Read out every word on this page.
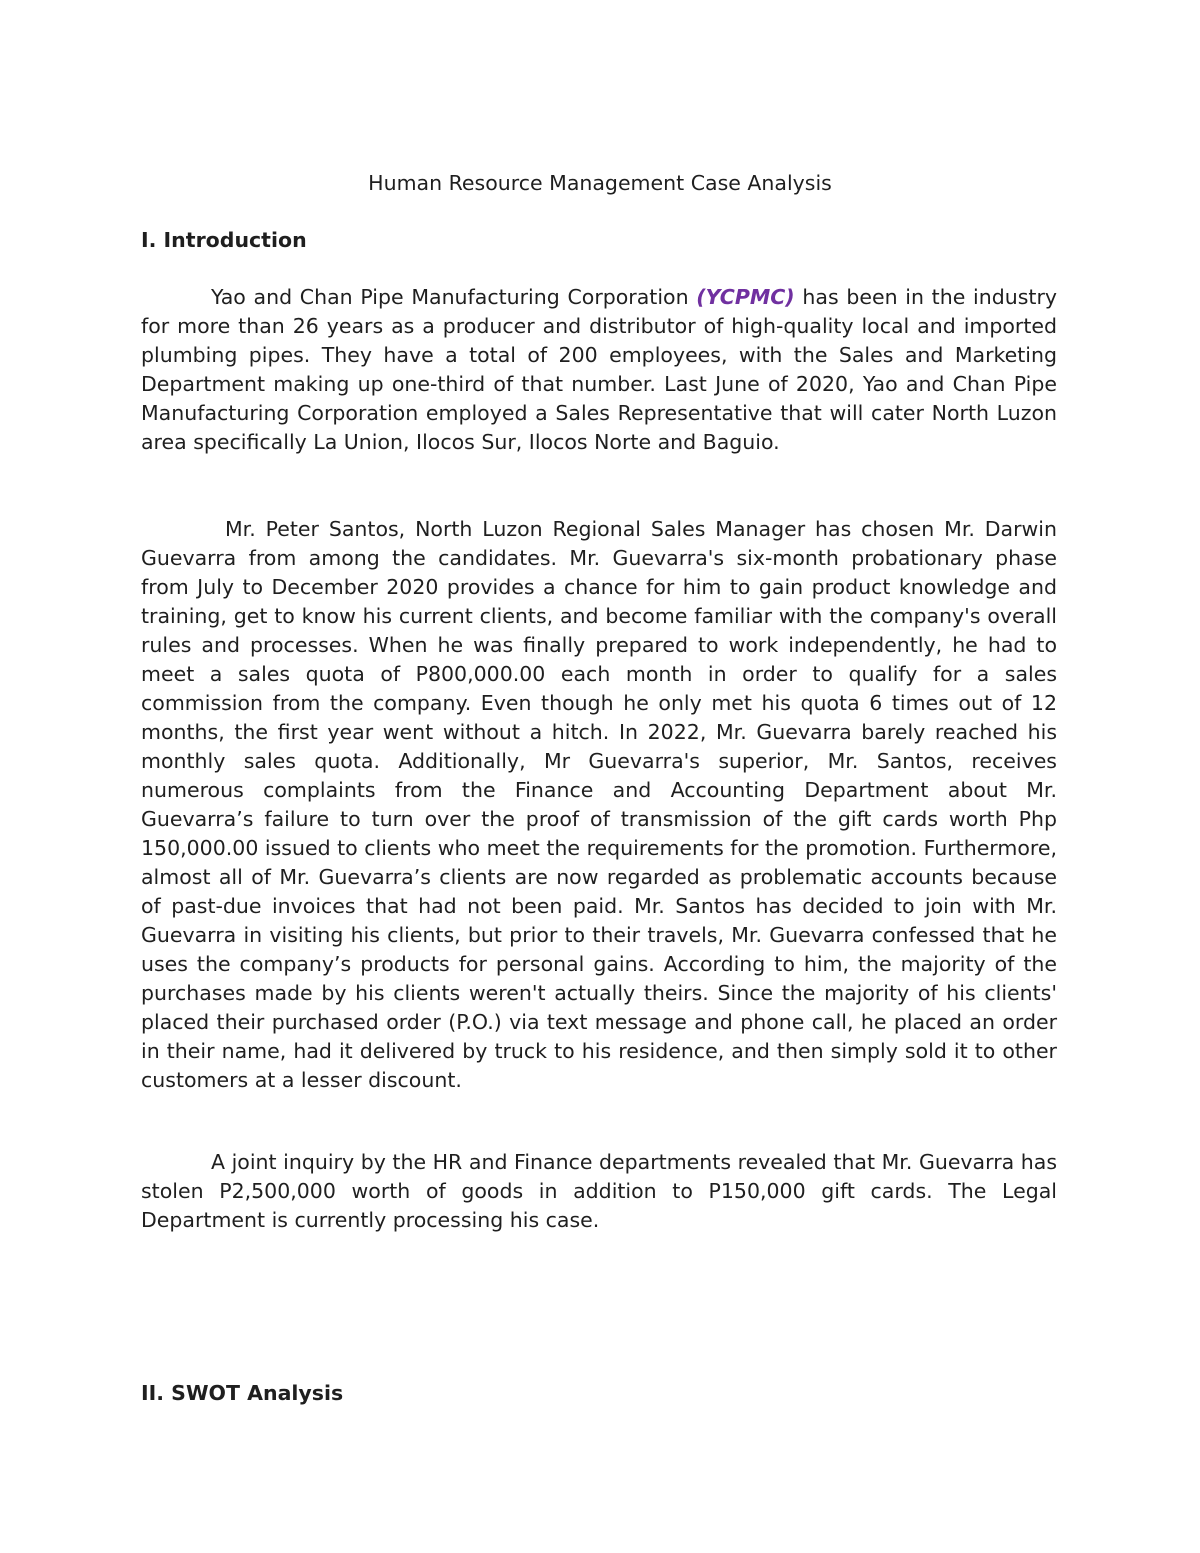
Human Resource Management Case Analysis
I. Introduction

Yao and Chan Pipe Manufacturing Corporation (YCPMC) has been in the industry for more than 26 years as a producer and distributor of high-quality local and imported plumbing pipes. They have a total of 200 employees, with the Sales and Marketing Department making up one-third of that number. Last June of 2020, Yao and Chan Pipe Manufacturing Corporation employed a Sales Representative that will cater North Luzon area specifically La Union, Ilocos Sur, Ilocos Norte and Baguio.

Mr. Peter Santos, North Luzon Regional Sales Manager has chosen Mr. Darwin Guevarra from among the candidates. Mr. Guevarra's six-month probationary phase from July to December 2020 provides a chance for him to gain product knowledge and training, get to know his current clients, and become familiar with the company's overall rules and processes. When he was finally prepared to work independently, he had to meet a sales quota of P800,000.00 each month in order to qualify for a sales commission from the company. Even though he only met his quota 6 times out of 12 months, the first year went without a hitch. In 2022, Mr. Guevarra barely reached his monthly sales quota. Additionally, Mr Guevarra's superior, Mr. Santos, receives numerous complaints from the Finance and Accounting Department about Mr. Guevarra’s failure to turn over the proof of transmission of the gift cards worth Php 150,000.00 issued to clients who meet the requirements for the promotion. Furthermore, almost all of Mr. Guevarra’s clients are now regarded as problematic accounts because of past-due invoices that had not been paid. Mr. Santos has decided to join with Mr. Guevarra in visiting his clients, but prior to their travels, Mr. Guevarra confessed that he uses the company’s products for personal gains. According to him, the majority of the purchases made by his clients weren't actually theirs. Since the majority of his clients' placed their purchased order (P.O.) via text message and phone call, he placed an order in their name, had it delivered by truck to his residence, and then simply sold it to other customers at a lesser discount.

A joint inquiry by the HR and Finance departments revealed that Mr. Guevarra has stolen P2,500,000 worth of goods in addition to P150,000 gift cards. The Legal Department is currently processing his case.

II. SWOT Analysis
